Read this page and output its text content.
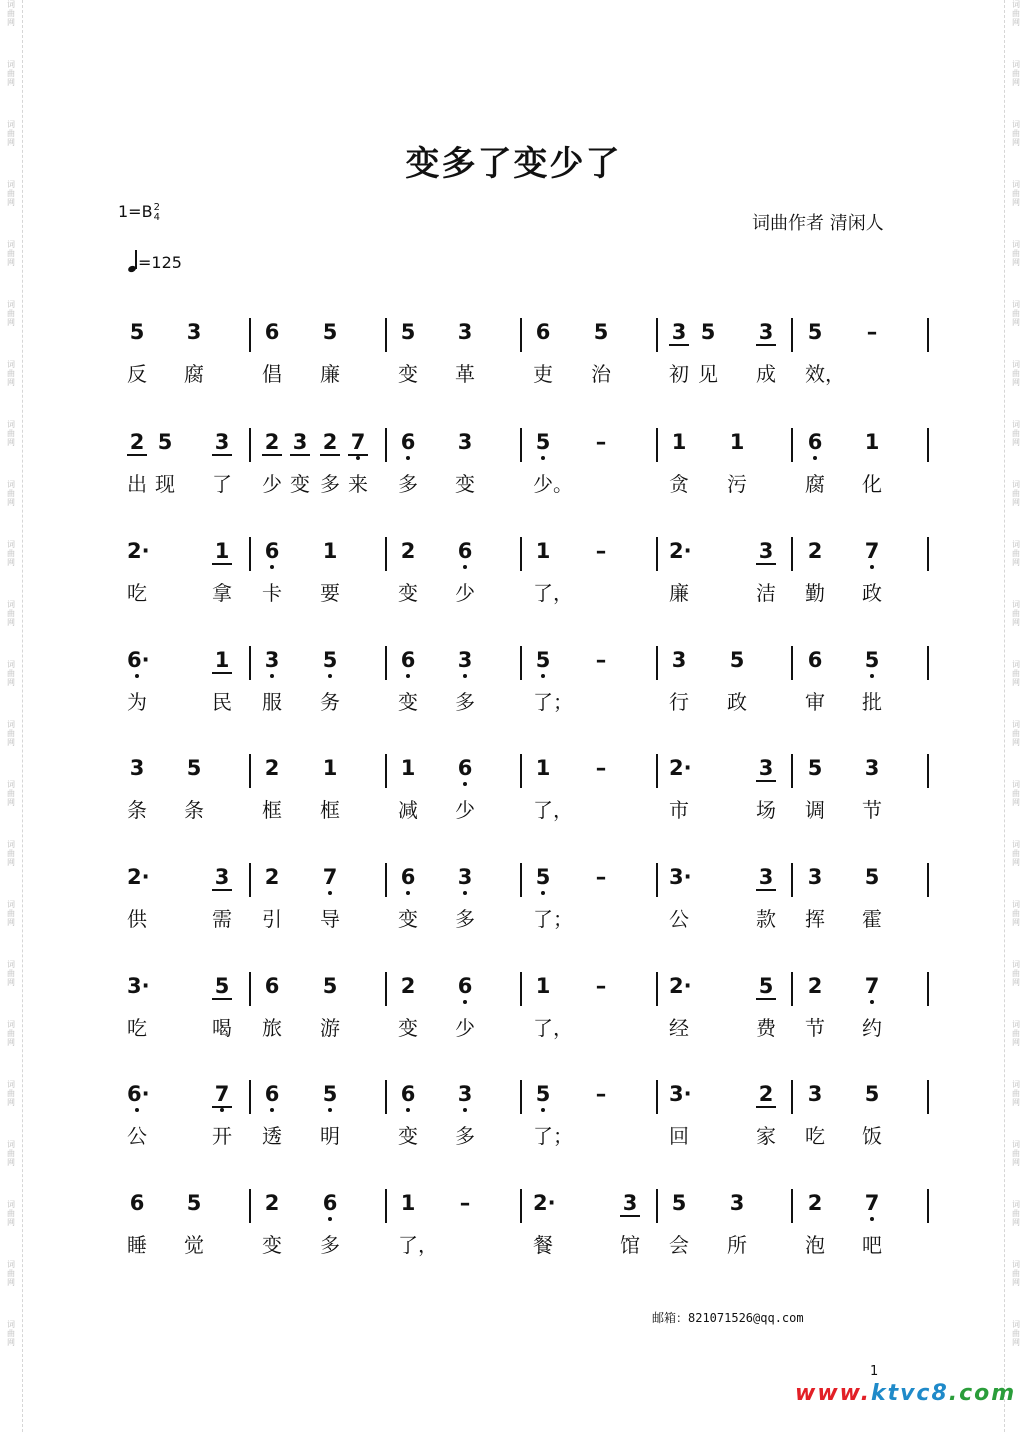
词
曲
网
词
曲
网
词
曲
网
词
曲
网
词
曲
网
词
曲
网
词
曲
网
词
曲
网
词
曲
网
词
曲
网
词
曲
网
词
曲
网
词
曲
网
词
曲
网
词
曲
网
词
曲
网
词
曲
网
词
曲
网
词
曲
网
词
曲
网
词
曲
网
词
曲
网
词
曲
网
词
曲
网
词
曲
网
词
曲
网
词
曲
网
词
曲
网
词
曲
网
词
曲
网
词
曲
网
词
曲
网
词
曲
网
词
曲
网
词
曲
网
词
曲
网
词
曲
网
词
曲
网
词
曲
网
词
曲
网
词
曲
网
词
曲
网
词
曲
网
词
曲
网
词
曲
网
词
曲
网
变多了变少了
1=B 2
4	词曲作者 清闲人
=125
5 3	6 5	5 3	6 5	3 5 3 5 –
反 腐	倡 廉	变 革	吏 治	初 见 成 效，
2 5 3 2 3 2 7 6 3	5 –	1 1	6 1
出 现 了 少 变 多 来 多 变	少。	贪 污	腐 化
2·	1 6 1	2 6	1 –	2·	3 2 7
吃	拿 卡 要	变 少	了，	廉	洁 勤 政
6·	1 3 5	6 3	5 –	3 5	6 5
为	民 服 务	变 多	了；	行 政	审 批
3 5	2 1	1 6	1 –	2·	3 5 3
条 条	框 框	减 少	了，	市	场 调 节
2·	3 2 7	6 3	5 –	3·	3 3 5
供	需 引 导	变 多	了；	公	款 挥 霍
3·	5 6 5	2 6	1 –	2·	5 2 7
吃	喝 旅 游	变 少	了，	经	费 节 约
6·	7 6 5	6 3	5 –	3·	2 3 5
公	开 透 明	变 多	了；	回	家 吃 饭
6 5	2 6	1 –	2·	3 5 3	2 7
睡 觉	变 多	了，	餐	馆 会 所	泡 吧
邮箱：821071526@qq.com
1
www.ktvc8.com
